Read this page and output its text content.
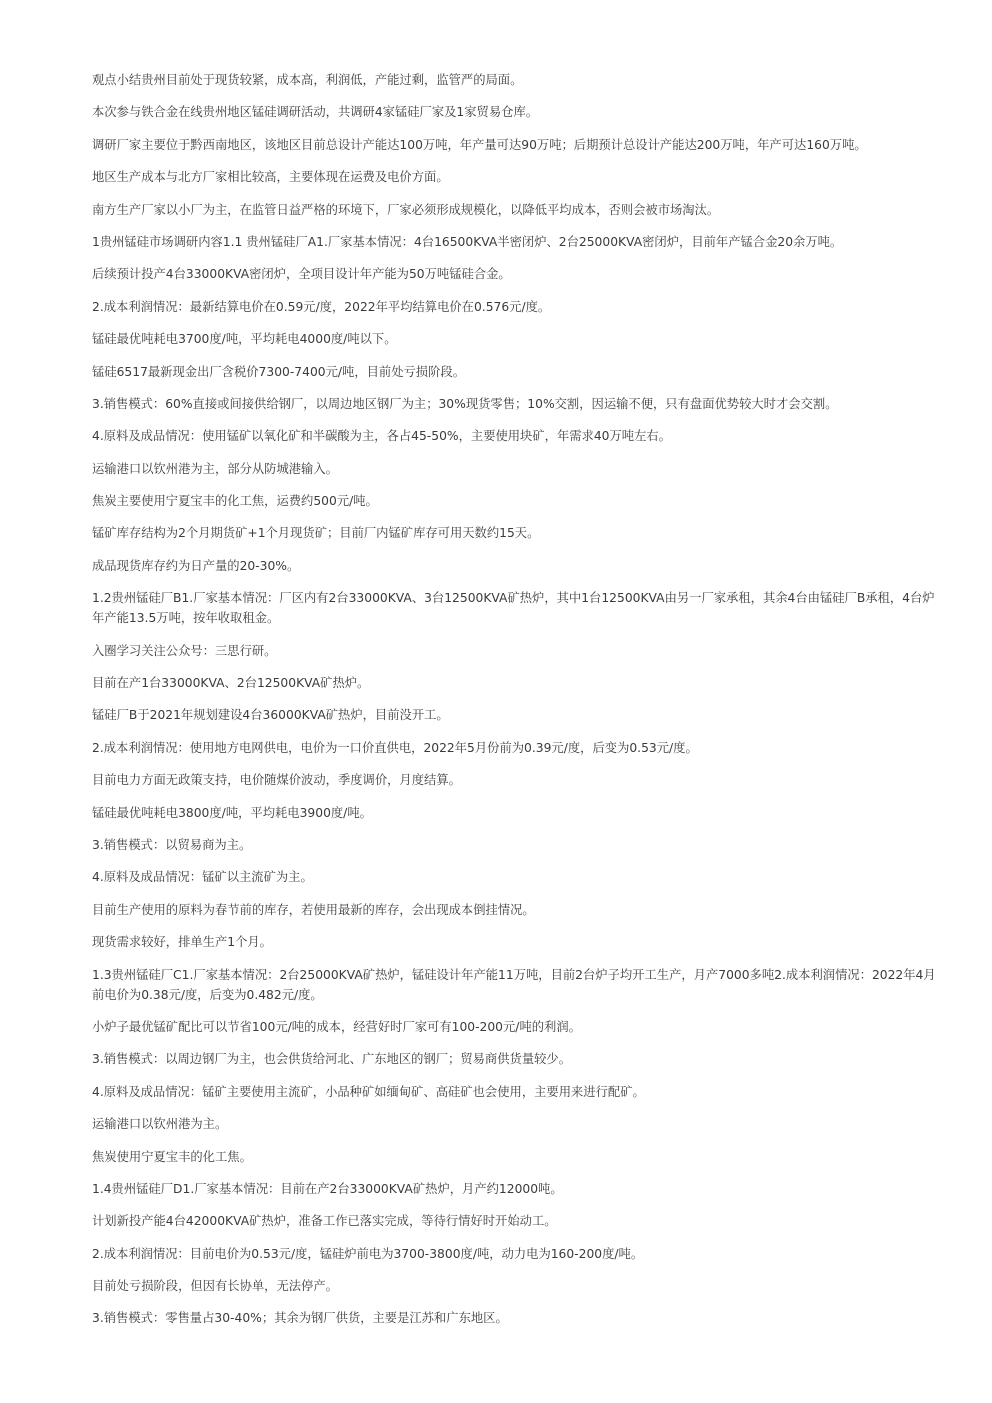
观点小结贵州目前处于现货较紧，成本高，利润低，产能过剩，监管严的局面。

本次参与铁合金在线贵州地区锰硅调研活动，共调研4家锰硅厂家及1家贸易仓库。

调研厂家主要位于黔西南地区，该地区目前总设计产能达100万吨，年产量可达90万吨；后期预计总设计产能达200万吨，年产可达160万吨。

地区生产成本与北方厂家相比较高，主要体现在运费及电价方面。

南方生产厂家以小厂为主，在监管日益严格的环境下，厂家必须形成规模化，以降低平均成本，否则会被市场淘汰。

1贵州锰硅市场调研内容1.1 贵州锰硅厂A1.厂家基本情况：4台16500KVA半密闭炉、2台25000KVA密闭炉，目前年产锰合金20余万吨。

后续预计投产4台33000KVA密闭炉，全项目设计年产能为50万吨锰硅合金。

2.成本利润情况：最新结算电价在0.59元/度，2022年平均结算电价在0.576元/度。

锰硅最优吨耗电3700度/吨，平均耗电4000度/吨以下。

锰硅6517最新现金出厂含税价7300-7400元/吨，目前处亏损阶段。

3.销售模式：60%直接或间接供给钢厂，以周边地区钢厂为主；30%现货零售；10%交割，因运输不便，只有盘面优势较大时才会交割。

4.原料及成品情况：使用锰矿以氧化矿和半碳酸为主，各占45-50%，主要使用块矿，年需求40万吨左右。

运输港口以钦州港为主，部分从防城港输入。

焦炭主要使用宁夏宝丰的化工焦，运费约500元/吨。

锰矿库存结构为2个月期货矿+1个月现货矿；目前厂内锰矿库存可用天数约15天。

成品现货库存约为日产量的20-30%。

1.2贵州锰硅厂B1.厂家基本情况：厂区内有2台33000KVA、3台12500KVA矿热炉，其中1台12500KVA由另一厂家承租，其余4台由锰硅厂B承租，4台炉年产能13.5万吨，按年收取租金。

入圈学习关注公众号：三思行研。

目前在产1台33000KVA、2台12500KVA矿热炉。

锰硅厂B于2021年规划建设4台36000KVA矿热炉，目前没开工。

2.成本利润情况：使用地方电网供电，电价为一口价直供电，2022年5月份前为0.39元/度，后变为0.53元/度。

目前电力方面无政策支持，电价随煤价波动，季度调价，月度结算。

锰硅最优吨耗电3800度/吨，平均耗电3900度/吨。

3.销售模式：以贸易商为主。

4.原料及成品情况：锰矿以主流矿为主。

目前生产使用的原料为春节前的库存，若使用最新的库存，会出现成本倒挂情况。

现货需求较好，排单生产1个月。

1.3贵州锰硅厂C1.厂家基本情况：2台25000KVA矿热炉，锰硅设计年产能11万吨，目前2台炉子均开工生产，月产7000多吨2.成本利润情况：2022年4月前电价为0.38元/度，后变为0.482元/度。

小炉子最优锰矿配比可以节省100元/吨的成本，经营好时厂家可有100-200元/吨的利润。

3.销售模式：以周边钢厂为主，也会供货给河北、广东地区的钢厂；贸易商供货量较少。

4.原料及成品情况：锰矿主要使用主流矿，小品种矿如缅甸矿、高硅矿也会使用，主要用来进行配矿。

运输港口以钦州港为主。

焦炭使用宁夏宝丰的化工焦。

1.4贵州锰硅厂D1.厂家基本情况：目前在产2台33000KVA矿热炉，月产约12000吨。

计划新投产能4台42000KVA矿热炉，准备工作已落实完成，等待行情好时开始动工。

2.成本利润情况：目前电价为0.53元/度，锰硅炉前电为3700-3800度/吨，动力电为160-200度/吨。

目前处亏损阶段，但因有长协单，无法停产。

3.销售模式：零售量占30-40%；其余为钢厂供货，主要是江苏和广东地区。
